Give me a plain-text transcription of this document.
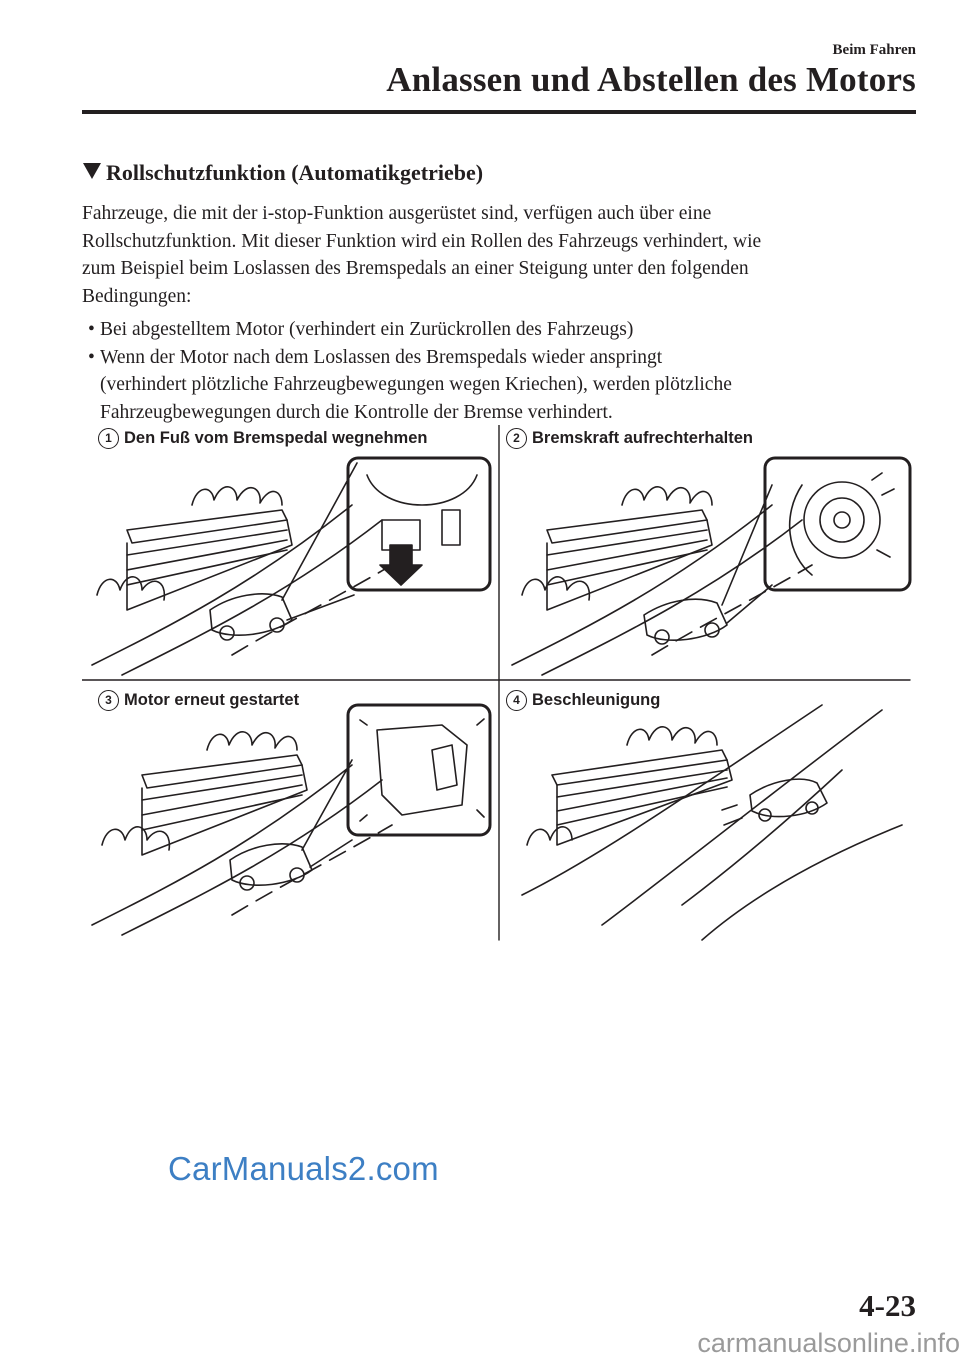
Beim Fahren
Anlassen und Abstellen des Motors
Rollschutzfunktion (Automatikgetriebe)
Fahrzeuge, die mit der i-stop-Funktion ausgerüstet sind, verfügen auch über eine
Rollschutzfunktion. Mit dieser Funktion wird ein Rollen des Fahrzeugs verhindert, wie
zum Beispiel beim Loslassen des Bremspedals an einer Steigung unter den folgenden
Bedingungen:
• Bei abgestelltem Motor (verhindert ein Zurückrollen des Fahrzeugs)
• Wenn der Motor nach dem Loslassen des Bremspedals wieder anspringt
(verhindert plötzliche Fahrzeugbewegungen wegen Kriechen), werden plötzliche
Fahrzeugbewegungen durch die Kontrolle der Bremse verhindert.
1 Den Fuß vom Bremspedal wegnehmen	2 Bremskraft aufrechterhalten
3 Motor erneut gestartet	4 Beschleunigung
CarManuals2.com
4-23
carmanualsonline.info
